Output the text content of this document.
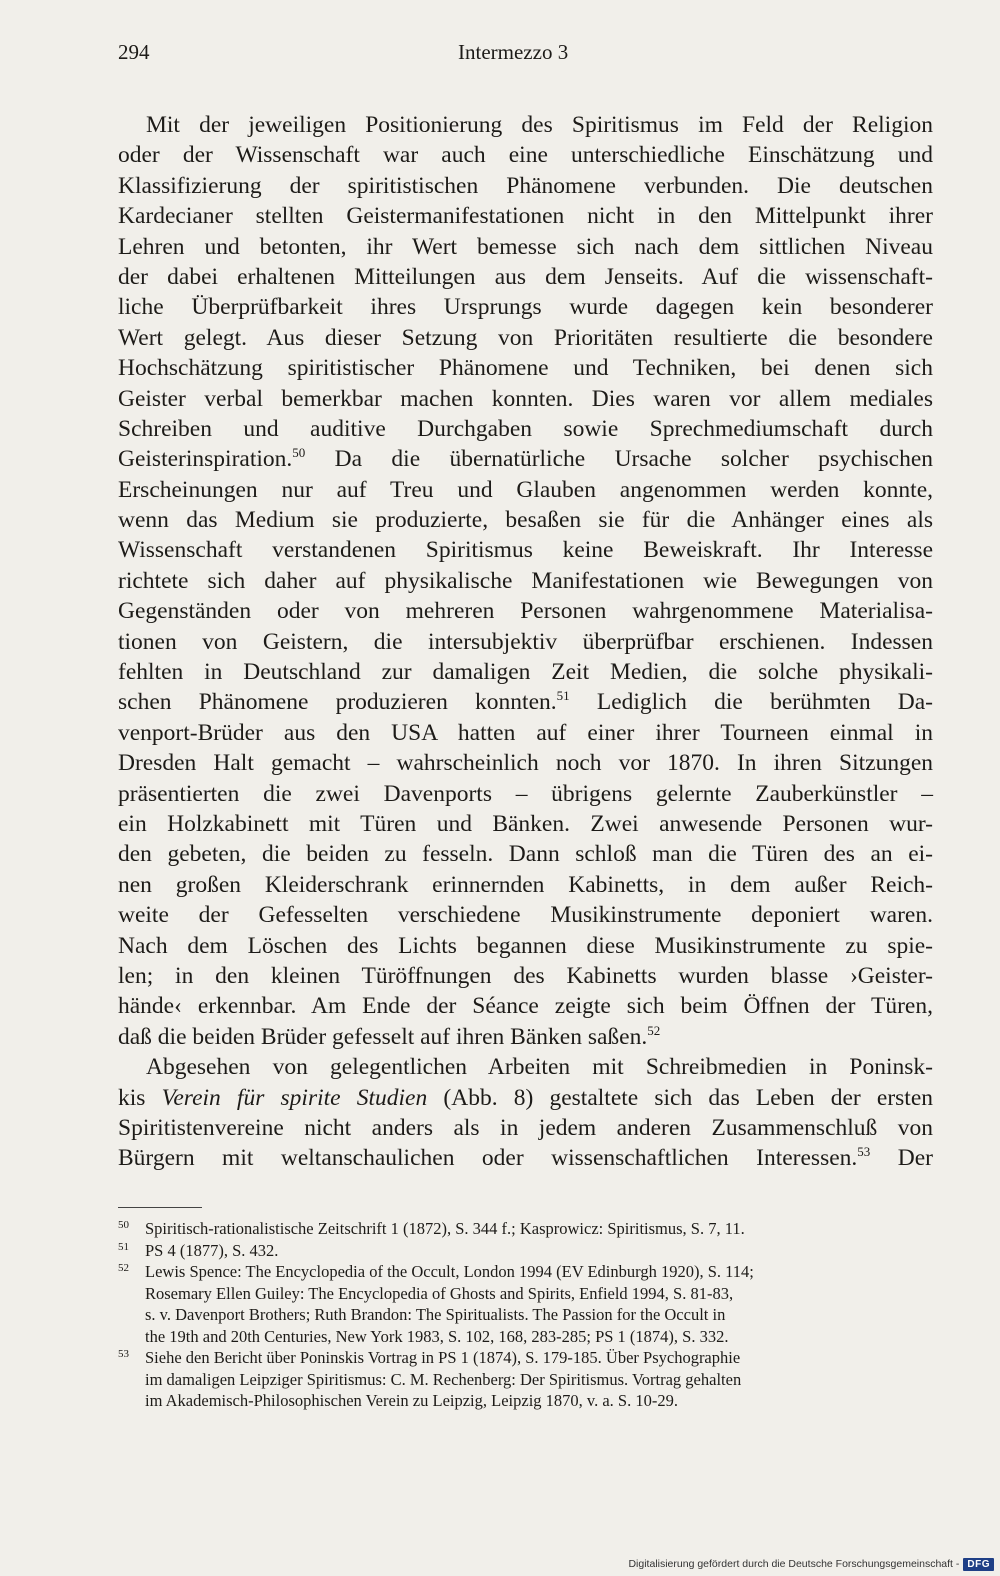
294	Intermezzo 3
Mit der jeweiligen Positionierung des Spiritismus im Feld der Religion
oder der Wissenschaft war auch eine unterschiedliche Einschätzung und
Klassifizierung der spiritistischen Phänomene verbunden. Die deutschen
Kardecianer stellten Geistermanifestationen nicht in den Mittelpunkt ihrer
Lehren und betonten, ihr Wert bemesse sich nach dem sittlichen Niveau
der dabei erhaltenen Mitteilungen aus dem Jenseits. Auf die wissenschaft-
liche Überprüfbarkeit ihres Ursprungs wurde dagegen kein besonderer
Wert gelegt. Aus dieser Setzung von Prioritäten resultierte die besondere
Hochschätzung spiritistischer Phänomene und Techniken, bei denen sich
Geister verbal bemerkbar machen konnten. Dies waren vor allem mediales
Schreiben und auditive Durchgaben sowie Sprechmediumschaft durch
Geisterinspiration.$^{50}$ Da die übernatürliche Ursache solcher psychischen
Erscheinungen nur auf Treu und Glauben angenommen werden konnte,
wenn das Medium sie produzierte, besaßen sie für die Anhänger eines als
Wissenschaft verstandenen Spiritismus keine Beweiskraft. Ihr Interesse
richtete sich daher auf physikalische Manifestationen wie Bewegungen von
Gegenständen oder von mehreren Personen wahrgenommene Materialisa-
tionen von Geistern, die intersubjektiv überprüfbar erschienen. Indessen
fehlten in Deutschland zur damaligen Zeit Medien, die solche physikali-
schen Phänomene produzieren konnten.$^{51}$ Lediglich die berühmten Da-
venport-Brüder aus den USA hatten auf einer ihrer Tourneen einmal in
Dresden Halt gemacht – wahrscheinlich noch vor 1870. In ihren Sitzungen
präsentierten die zwei Davenports – übrigens gelernte Zauberkünstler –
ein Holzkabinett mit Türen und Bänken. Zwei anwesende Personen wur-
den gebeten, die beiden zu fesseln. Dann schloß man die Türen des an ei-
nen großen Kleiderschrank erinnernden Kabinetts, in dem außer Reich-
weite der Gefesselten verschiedene Musikinstrumente deponiert waren.
Nach dem Löschen des Lichts begannen diese Musikinstrumente zu spie-
len; in den kleinen Türöffnungen des Kabinetts wurden blasse ›Geister-
hände‹ erkennbar. Am Ende der Séance zeigte sich beim Öffnen der Türen,
daß die beiden Brüder gefesselt auf ihren Bänken saßen.$^{52}$
Abgesehen von gelegentlichen Arbeiten mit Schreibmedien in Poninsk-
kis Verein für spirite Studien (Abb. 8) gestaltete sich das Leben der ersten
Spiritistenvereine nicht anders als in jedem anderen Zusammenschluß von
Bürgern mit weltanschaulichen oder wissenschaftlichen Interessen.$^{53}$ Der
50 Spiritisch-rationalistische Zeitschrift 1 (1872), S. 344 f.; Kasprowicz: Spiritismus, S. 7, 11.
51 PS 4 (1877), S. 432.
52 Lewis Spence: The Encyclopedia of the Occult, London 1994 (EV Edinburgh 1920), S. 114;
Rosemary Ellen Guiley: The Encyclopedia of Ghosts and Spirits, Enfield 1994, S. 81-83,
s. v. Davenport Brothers; Ruth Brandon: The Spiritualists. The Passion for the Occult in
the 19th and 20th Centuries, New York 1983, S. 102, 168, 283-285; PS 1 (1874), S. 332.
53 Siehe den Bericht über Poninskis Vortrag in PS 1 (1874), S. 179-185. Über Psychographie
im damaligen Leipziger Spiritismus: C. M. Rechenberg: Der Spiritismus. Vortrag gehalten
im Akademisch-Philosophischen Verein zu Leipzig, Leipzig 1870, v. a. S. 10-29.
Digitalisierung gefördert durch die Deutsche Forschungsgemeinschaft - DFG
